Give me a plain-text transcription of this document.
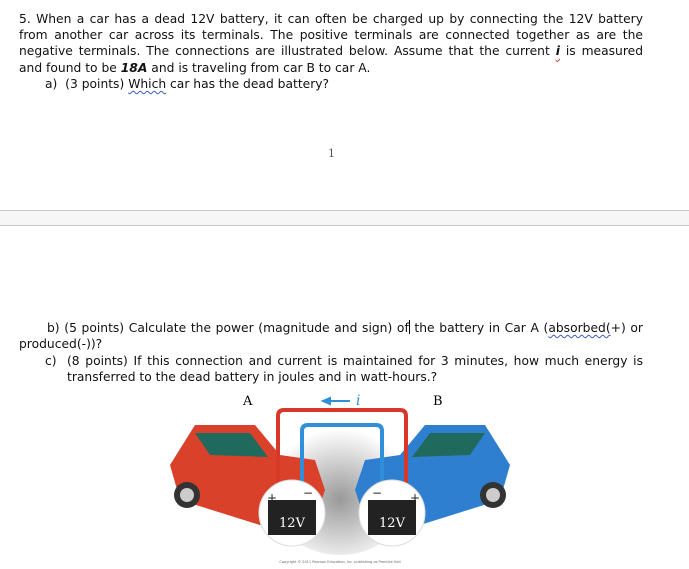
5. When a car has a dead 12V battery, it can often be charged up by connecting the 12V battery from another car across its terminals. The positive terminals are connected together as are the negative terminals. The connections are illustrated below. Assume that the current i is measured and found to be 18A and is traveling from car B to car A.
a) (3 points) Which car has the dead battery?
1
b) (5 points) Calculate the power (magnitude and sign) of the battery in Car A (absorbed(+) or produced(-))?
c) (8 points) If this connection and current is maintained for 3 minutes, how much energy is transferred to the dead battery in joules and in watt-hours.?
12V
+ −
12V
+
−
A	B
i
Copyright © 2011 Pearson Education, Inc. publishing as Prentice Hall
